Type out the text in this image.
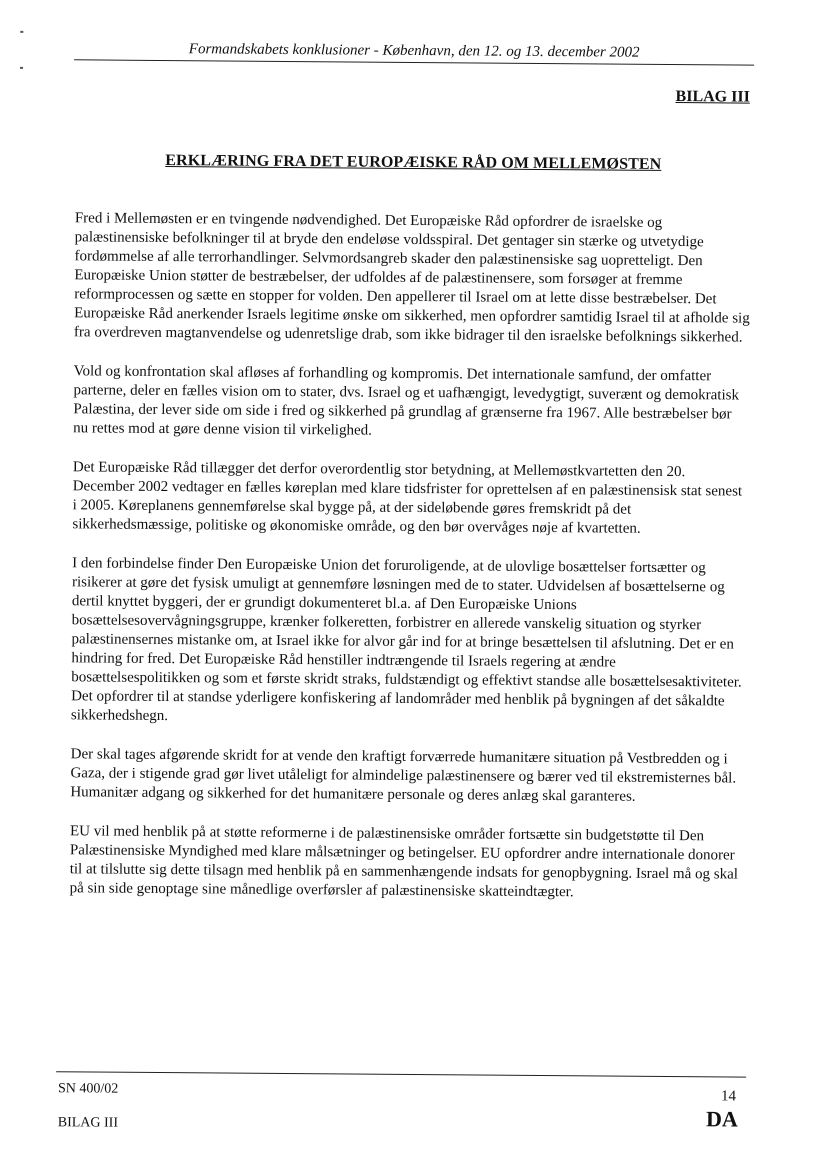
Formandskabets konklusioner - København, den 12. og 13. december 2002
BILAG III
ERKLÆRING FRA DET EUROPÆISKE RÅD OM MELLEMØSTEN

Fred i Mellemøsten er en tvingende nødvendighed. Det Europæiske Råd opfordrer de israelske og palæstinensiske befolkninger til at bryde den endeløse voldsspiral. Det gentager sin stærke og utvetydige fordømmelse af alle terrorhandlinger. Selvmordsangreb skader den palæstinensiske sag uopretteligt. Den Europæiske Union støtter de bestræbelser, der udfoldes af de palæstinensere, som forsøger at fremme reformprocessen og sætte en stopper for volden. Den appellerer til Israel om at lette disse bestræbelser. Det Europæiske Råd anerkender Israels legitime ønske om sikkerhed, men opfordrer samtidig Israel til at afholde sig fra overdreven magtanvendelse og udenretslige drab, som ikke bidrager til den israelske befolknings sikkerhed.

Vold og konfrontation skal afløses af forhandling og kompromis. Det internationale samfund, der omfatter parterne, deler en fælles vision om to stater, dvs. Israel og et uafhængigt, levedygtigt, suverænt og demokratisk Palæstina, der lever side om side i fred og sikkerhed på grundlag af grænserne fra 1967. Alle bestræbelser bør nu rettes mod at gøre denne vision til virkelighed.

Det Europæiske Råd tillægger det derfor overordentlig stor betydning, at Mellemøstkvartetten den 20. December 2002 vedtager en fælles køreplan med klare tidsfrister for oprettelsen af en palæstinensisk stat senest i 2005. Køreplanens gennemførelse skal bygge på, at der sideløbende gøres fremskridt på det sikkerhedsmæssige, politiske og økonomiske område, og den bør overvåges nøje af kvartetten.

I den forbindelse finder Den Europæiske Union det foruroligende, at de ulovlige bosættelser fortsætter og risikerer at gøre det fysisk umuligt at gennemføre løsningen med de to stater. Udvidelsen af bosættelserne og dertil knyttet byggeri, der er grundigt dokumenteret bl.a. af Den Europæiske Unions bosættelsesovervågningsgruppe, krænker folkeretten, forbistrer en allerede vanskelig situation og styrker palæstinensernes mistanke om, at Israel ikke for alvor går ind for at bringe besættelsen til afslutning. Det er en hindring for fred. Det Europæiske Råd henstiller indtrængende til Israels regering at ændre bosættelsespolitikken og som et første skridt straks, fuldstændigt og effektivt standse alle bosættelsesaktiviteter. Det opfordrer til at standse yderligere konfiskering af landområder med henblik på bygningen af det såkaldte sikkerhedshegn.

Der skal tages afgørende skridt for at vende den kraftigt forværrede humanitære situation på Vestbredden og i Gaza, der i stigende grad gør livet utåleligt for almindelige palæstinensere og bærer ved til ekstremisternes bål. Humanitær adgang og sikkerhed for det humanitære personale og deres anlæg skal garanteres.

EU vil med henblik på at støtte reformerne i de palæstinensiske områder fortsætte sin budgetstøtte til Den Palæstinensiske Myndighed med klare målsætninger og betingelser. EU opfordrer andre internationale donorer til at tilslutte sig dette tilsagn med henblik på en sammenhængende indsats for genopbygning. Israel må og skal på sin side genoptage sine månedlige overførsler af palæstinensiske skatteindtægter.

SN 400/02
BILAG III
14
DA
